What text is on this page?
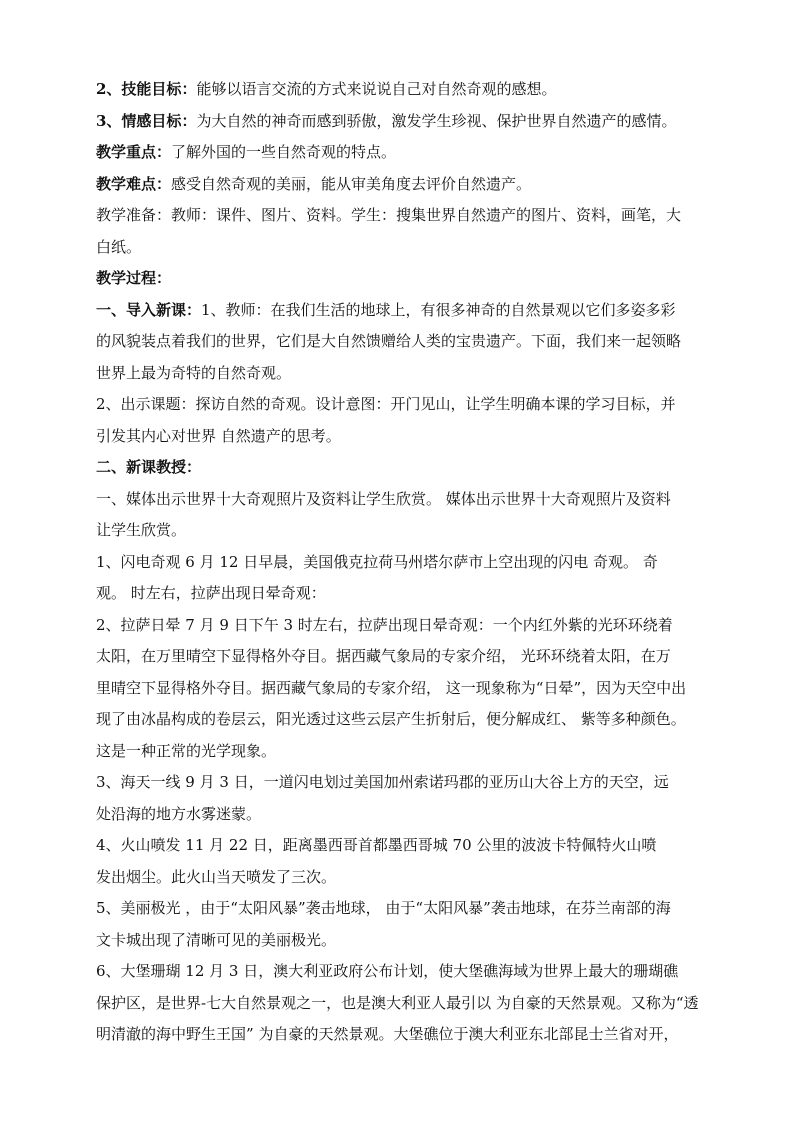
2、技能目标：能够以语言交流的方式来说说自己对自然奇观的感想。
3、情感目标：为大自然的神奇而感到骄傲，激发学生珍视、保护世界自然遗产的感情。
教学重点：了解外国的一些自然奇观的特点。
教学难点：感受自然奇观的美丽，能从审美角度去评价自然遗产。
教学准备：教师：课件、图片、资料。学生：搜集世界自然遗产的图片、资料，画笔，大
白纸。
教学过程：
一、导入新课：1、教师：在我们生活的地球上，有很多神奇的自然景观以它们多姿多彩
的风貌装点着我们的世界，它们是大自然馈赠给人类的宝贵遗产。下面，我们来一起领略
世界上最为奇特的自然奇观。
2、出示课题：探访自然的奇观。设计意图：开门见山，让学生明确本课的学习目标，并
引发其内心对世界 自然遗产的思考。
二、新课教授：
一、媒体出示世界十大奇观照片及资料让学生欣赏。 媒体出示世界十大奇观照片及资料
让学生欣赏。
1、闪电奇观 6 月 12 日早晨，美国俄克拉荷马州塔尔萨市上空出现的闪电 奇观。 奇
观。 时左右，拉萨出现日晕奇观：
2、拉萨日晕 7 月 9 日下午 3 时左右，拉萨出现日晕奇观：一个内红外紫的光环环绕着
太阳，在万里晴空下显得格外夺目。据西藏气象局的专家介绍， 光环环绕着太阳，在万
里晴空下显得格外夺目。据西藏气象局的专家介绍， 这一现象称为“日晕”，因为天空中出
现了由冰晶构成的卷层云，阳光透过这些云层产生折射后，便分解成红、 紫等多种颜色。
这是一种正常的光学现象。
3、海天一线 9 月 3 日，一道闪电划过美国加州索诺玛郡的亚历山大谷上方的天空，远
处沿海的地方水雾迷蒙。
4、火山喷发 11 月 22 日，距离墨西哥首都墨西哥城 70 公里的波波卡特佩特火山喷
发出烟尘。此火山当天喷发了三次。
5、美丽极光 ，由于“太阳风暴”袭击地球， 由于“太阳风暴”袭击地球，在芬兰南部的海
文卡城出现了清晰可见的美丽极光。
6、大堡珊瑚 12 月 3 日，澳大利亚政府公布计划，使大堡礁海域为世界上最大的珊瑚礁
保护区，是世界-七大自然景观之一，也是澳大利亚人最引以 为自豪的天然景观。又称为“透
明清澈的海中野生王国” 为自豪的天然景观。大堡礁位于澳大利亚东北部昆士兰省对开，
